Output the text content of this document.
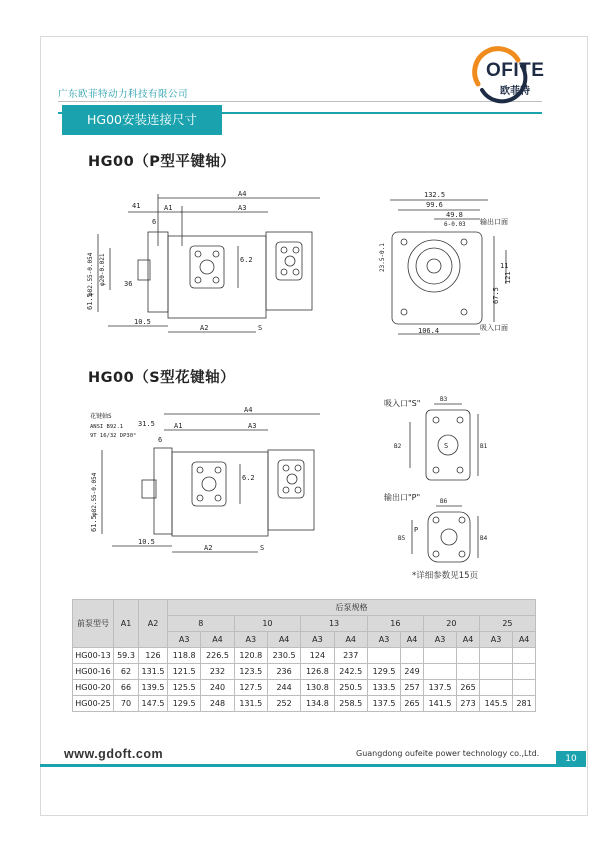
广东欧菲特动力科技有限公司
OFITE
欧菲特
HG00安装连接尺寸
HG00（P型平键轴）
A4
41	A1	A3
6
6.2
φ82.55-0.054 φ20-0.021	36
61.5
10.5
A2	S
132.5
99.6
49.8
6-0.03 输出口面
23.5-0.1	11
121
67.5
106.4	吸入口面
HG00（S型花键轴）
花键轴S
ANSI B92.1
9T 16/32 DP30°
31.5
A4
A1	A3
6
6.2
φ82.55-0.054
61.5
10.5
A2	S
吸入口"S"	B3
B2	B1
S
输出口"P"	B6
B5	B4
P
*详细参数见15页
前泵型号	A1	A2	后泵规格											
			8		10		13		16		20		25	
			A3	A4	A3	A4	A3	A4	A3	A4	A3	A4	A3	A4
HG00-13	59.3	126	118.8	226.5	120.8	230.5	124	237						
HG00-16	62	131.5	121.5	232	123.5	236	126.8	242.5	129.5	249				
HG00-20	66	139.5	125.5	240	127.5	244	130.8	250.5	133.5	257	137.5	265		
HG00-25	70	147.5	129.5	248	131.5	252	134.8	258.5	137.5	265	141.5	273	145.5	281
www.gdoft.com	Guangdong oufeite power technology co.,Ltd.
10
